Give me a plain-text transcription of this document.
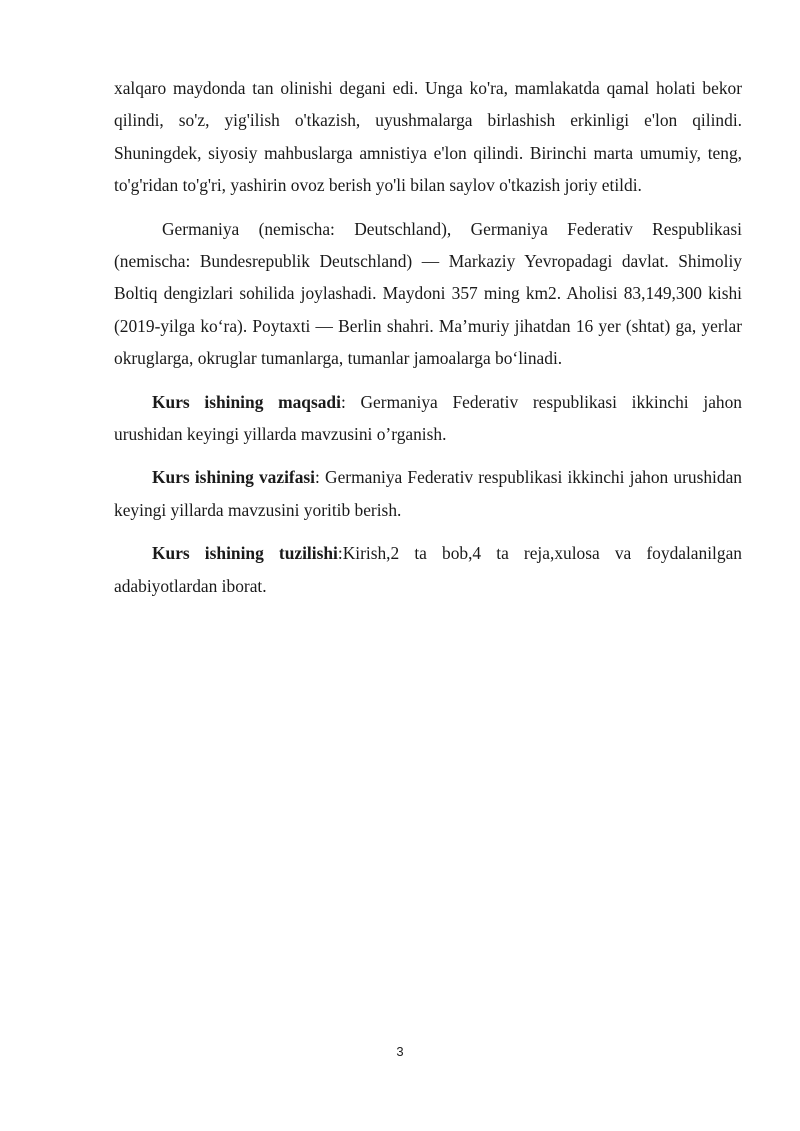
xalqaro maydonda tan olinishi degani edi. Unga ko'ra, mamlakatda qamal holati bekor qilindi, so'z, yig'ilish o'tkazish, uyushmalarga birlashish erkinligi e'lon qilindi. Shuningdek, siyosiy mahbuslarga amnistiya e'lon qilindi. Birinchi marta umumiy, teng, to'g'ridan to'g'ri, yashirin ovoz berish yo'li bilan saylov o'tkazish joriy etildi.

Germaniya (nemischa: Deutschland), Germaniya Federativ Respublikasi (nemischa: Bundesrepublik Deutschland) — Markaziy Yevropadagi davlat. Shimoliy Boltiq dengizlari sohilida joylashadi. Maydoni 357 ming km2. Aholisi 83,149,300 kishi (2019-yilga ko‘ra). Poytaxti — Berlin shahri. Ma’muriy jihatdan 16 yer (shtat) ga, yerlar okruglarga, okruglar tumanlarga, tumanlar jamoalarga bo‘linadi.

Kurs ishining maqsadi: Germaniya Federativ respublikasi ikkinchi jahon urushidan keyingi yillarda mavzusini o’rganish.

Kurs ishining vazifasi: Germaniya Federativ respublikasi ikkinchi jahon urushidan keyingi yillarda mavzusini yoritib berish.

Kurs ishining tuzilishi:Kirish,2 ta bob,4 ta reja,xulosa va foydalanilgan adabiyotlardan iborat.

3
